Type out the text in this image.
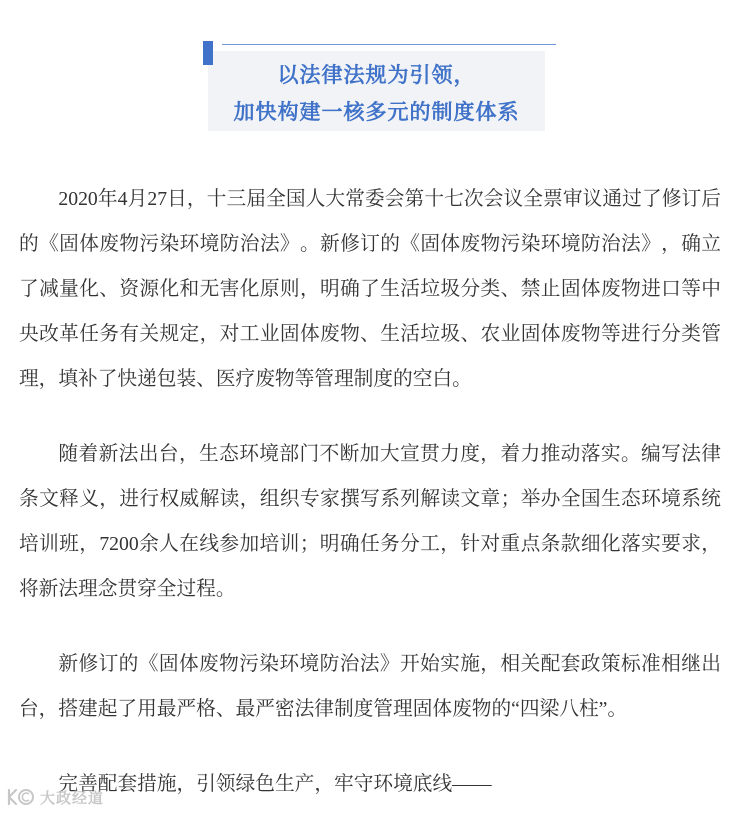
以法律法规为引领，
加快构建一核多元的制度体系

2020年4月27日，十三届全国人大常委会第十七次会议全票审议通过了修订后的《固体废物污染环境防治法》。新修订的《固体废物污染环境防治法》，确立了减量化、资源化和无害化原则，明确了生活垃圾分类、禁止固体废物进口等中央改革任务有关规定，对工业固体废物、生活垃圾、农业固体废物等进行分类管理，填补了快递包装、医疗废物等管理制度的空白。

随着新法出台，生态环境部门不断加大宣贯力度，着力推动落实。编写法律条文释义，进行权威解读，组织专家撰写系列解读文章；举办全国生态环境系统培训班，7200余人在线参加培训；明确任务分工，针对重点条款细化落实要求，将新法理念贯穿全过程。

新修订的《固体废物污染环境防治法》开始实施，相关配套政策标准相继出台，搭建起了用最严格、最严密法律制度管理固体废物的“四梁八柱”。

完善配套措施，引领绿色生产，牢守环境底线——

大政经道
